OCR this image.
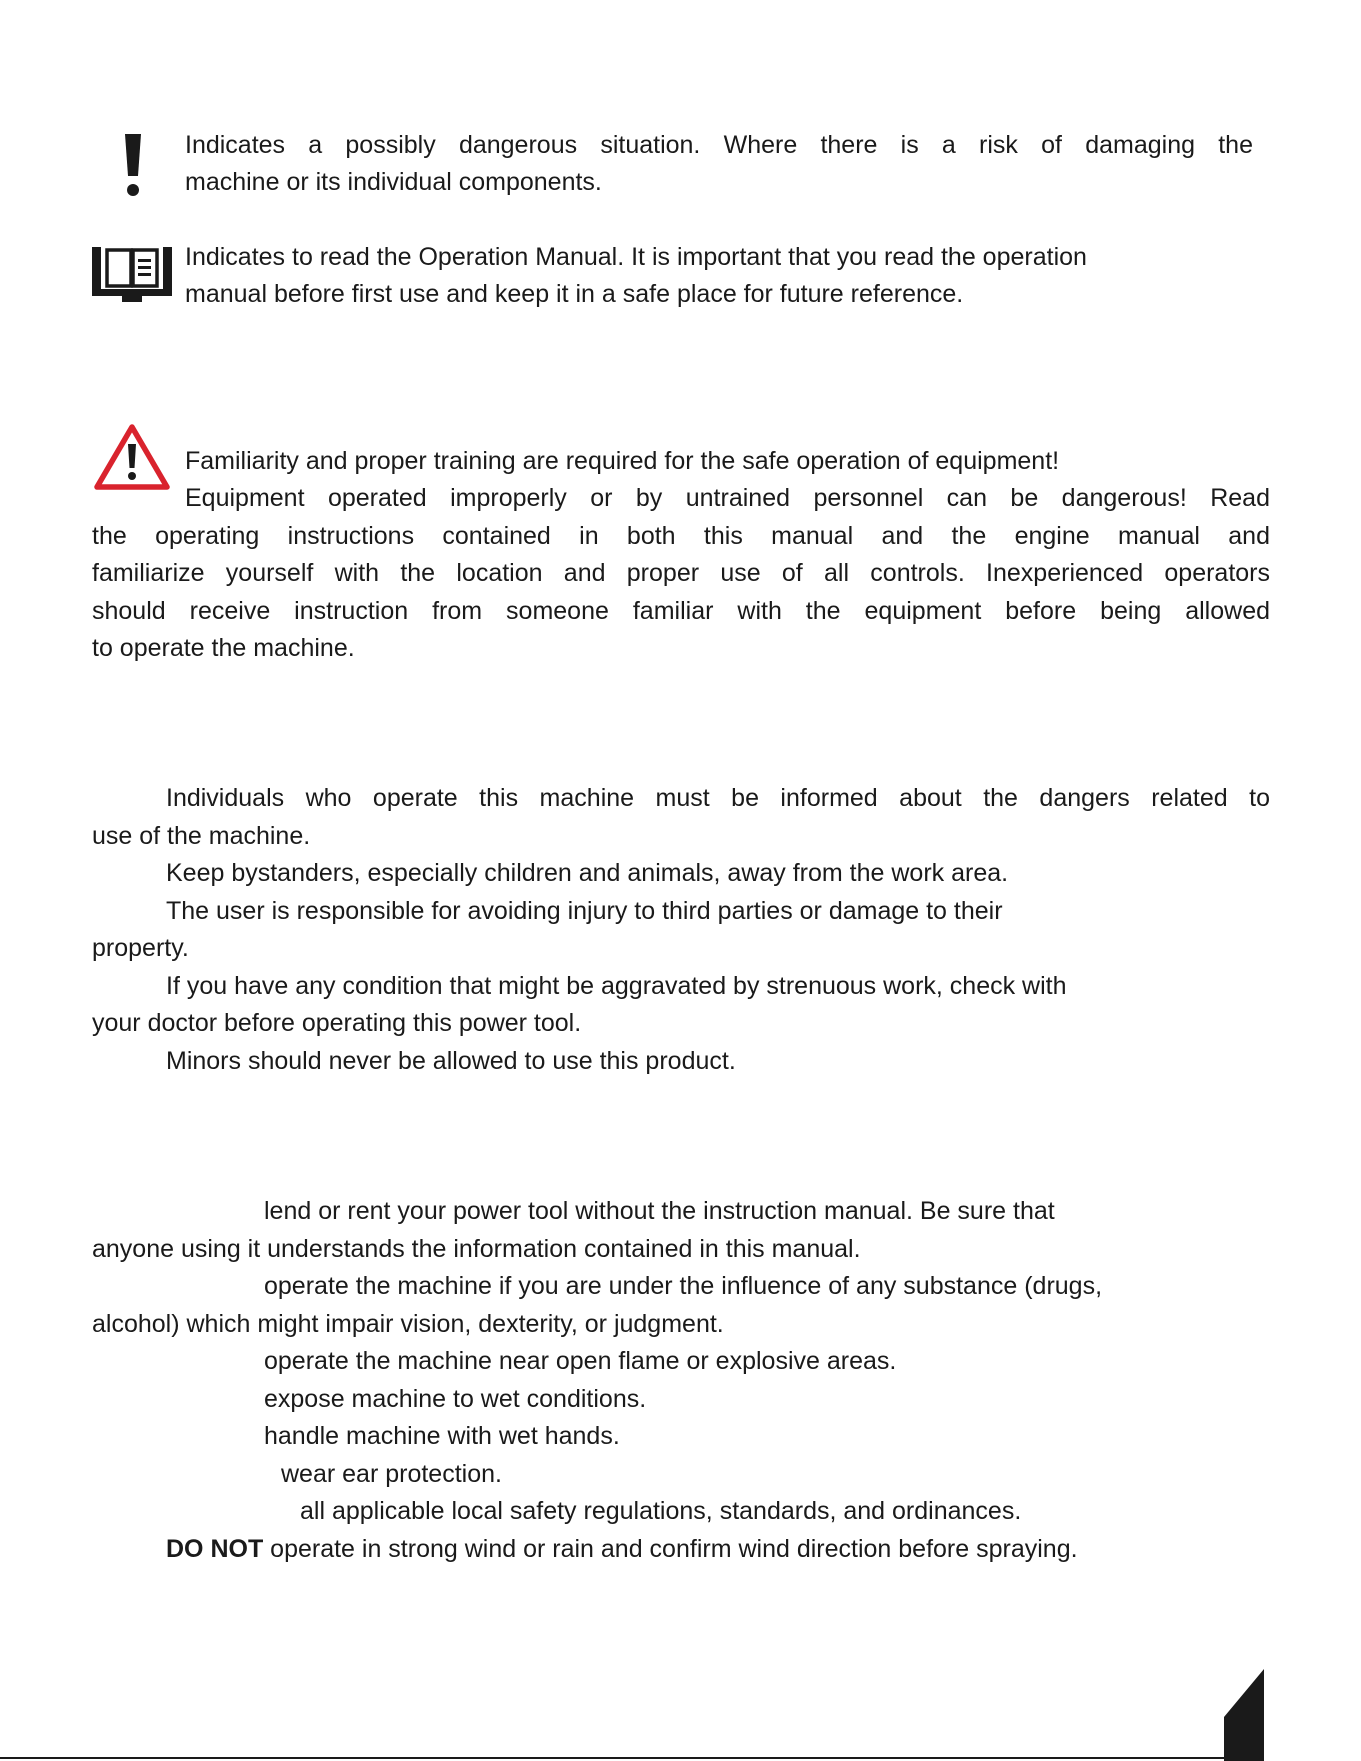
Indicates a possibly dangerous situation. Where there is a risk of damaging the
machine or its individual components.
Indicates to read the Operation Manual. It is important that you read the operation
manual before first use and keep it in a safe place for future reference.
Familiarity and proper training are required for the safe operation of equipment!
Equipment operated improperly or by untrained personnel can be dangerous! Read
the operating instructions contained in both this manual and the engine manual and
familiarize yourself with the location and proper use of all controls. Inexperienced operators
should receive instruction from someone familiar with the equipment before being allowed
to operate the machine.
Individuals who operate this machine must be informed about the dangers related to
use of the machine.
Keep bystanders, especially children and animals, away from the work area.
The user is responsible for avoiding injury to third parties or damage to their
property.
If you have any condition that might be aggravated by strenuous work, check with
your doctor before operating this power tool.
Minors should never be allowed to use this product.
lend or rent your power tool without the instruction manual. Be sure that
anyone using it understands the information contained in this manual.
operate the machine if you are under the influence of any substance (drugs,
alcohol) which might impair vision, dexterity, or judgment.
operate the machine near open flame or explosive areas.
expose machine to wet conditions.
handle machine with wet hands.
wear ear protection.
all applicable local safety regulations, standards, and ordinances.
DO NOT operate in strong wind or rain and confirm wind direction before spraying.
